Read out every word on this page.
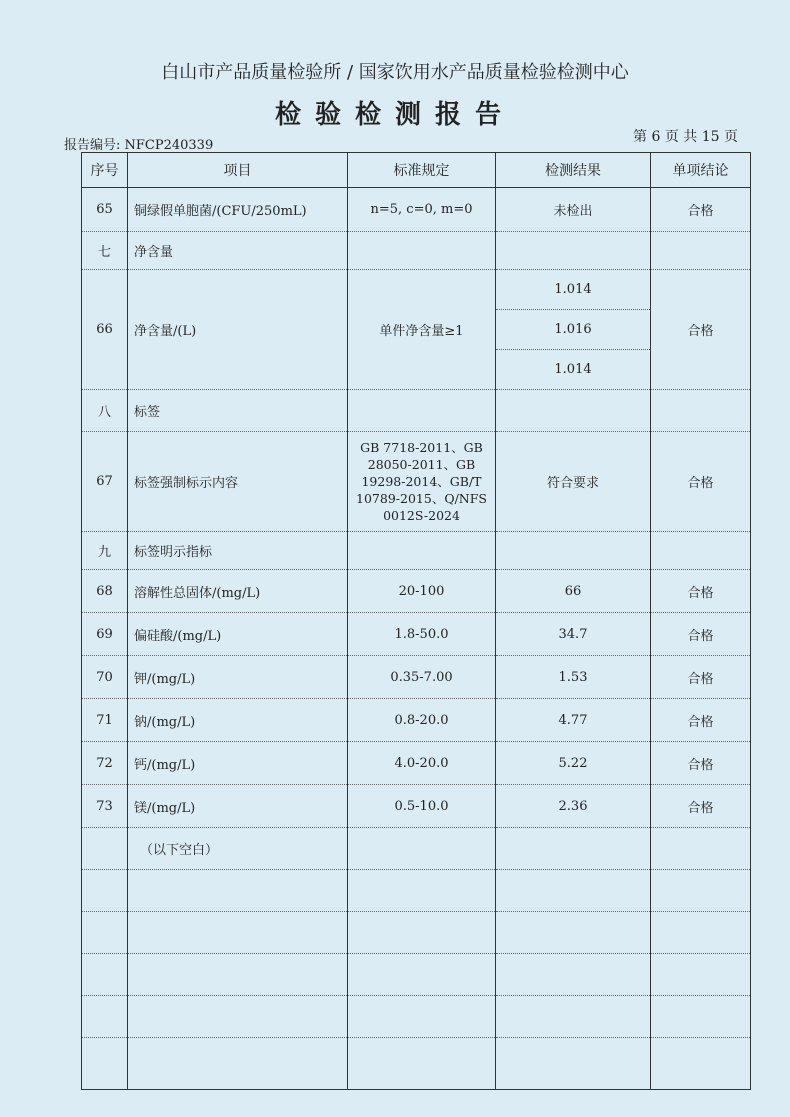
白山市产品质量检验所 / 国家饮用水产品质量检验检测中心
检验检测报告
报告编号: NFCP240339
第 6 页 共 15 页
序号	项目	标准规定	检测结果	单项结论
65	铜绿假单胞菌/(CFU/250mL)	n=5, c=0, m=0	未检出	合格
七	净含量			
66	净含量/(L)	单件净含量≥1	1.014	合格
			1.016	
			1.014	
八	标签			
67	标签强制标示内容	GB 7718-2011、GB
28050-2011、GB
19298-2014、GB/T
10789-2015、Q/NFS
0012S-2024	符合要求	合格
九	标签明示指标			
68	溶解性总固体/(mg/L)	20-100	66	合格
69	偏硅酸/(mg/L)	1.8-50.0	34.7	合格
70	钾/(mg/L)	0.35-7.00	1.53	合格
71	钠/(mg/L)	0.8-20.0	4.77	合格
72	钙/(mg/L)	4.0-20.0	5.22	合格
73	镁/(mg/L)	0.5-10.0	2.36	合格
	（以下空白）			
